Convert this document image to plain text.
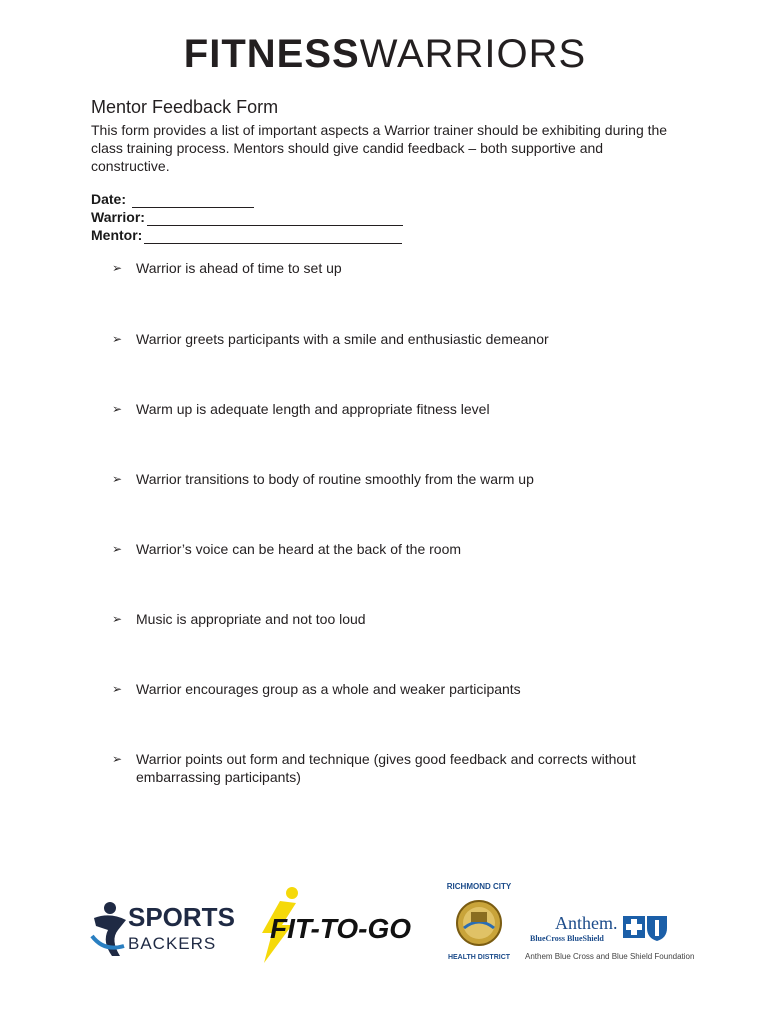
FITNESSWARRIORS
Mentor Feedback Form
This form provides a list of important aspects a Warrior trainer should be exhibiting during the class training process. Mentors should give candid feedback – both supportive and constructive.
Date:
Warrior:
Mentor:
➢ Warrior is ahead of time to set up
➢ Warrior greets participants with a smile and enthusiastic demeanor
➢ Warm up is adequate length and appropriate fitness level
➢ Warrior transitions to body of routine smoothly from the warm up
➢ Warrior’s voice can be heard at the back of the room
➢ Music is appropriate and not too loud
➢ Warrior encourages group as a whole and weaker participants
➢ Warrior points out form and technique (gives good feedback and corrects without embarrassing participants)
SPORTS
BACKERS FIT-TO-GO
RICHMOND CITY
HEALTH DISTRICT
Anthem.
BlueCross BlueShield
Anthem Blue Cross and Blue Shield Foundation
